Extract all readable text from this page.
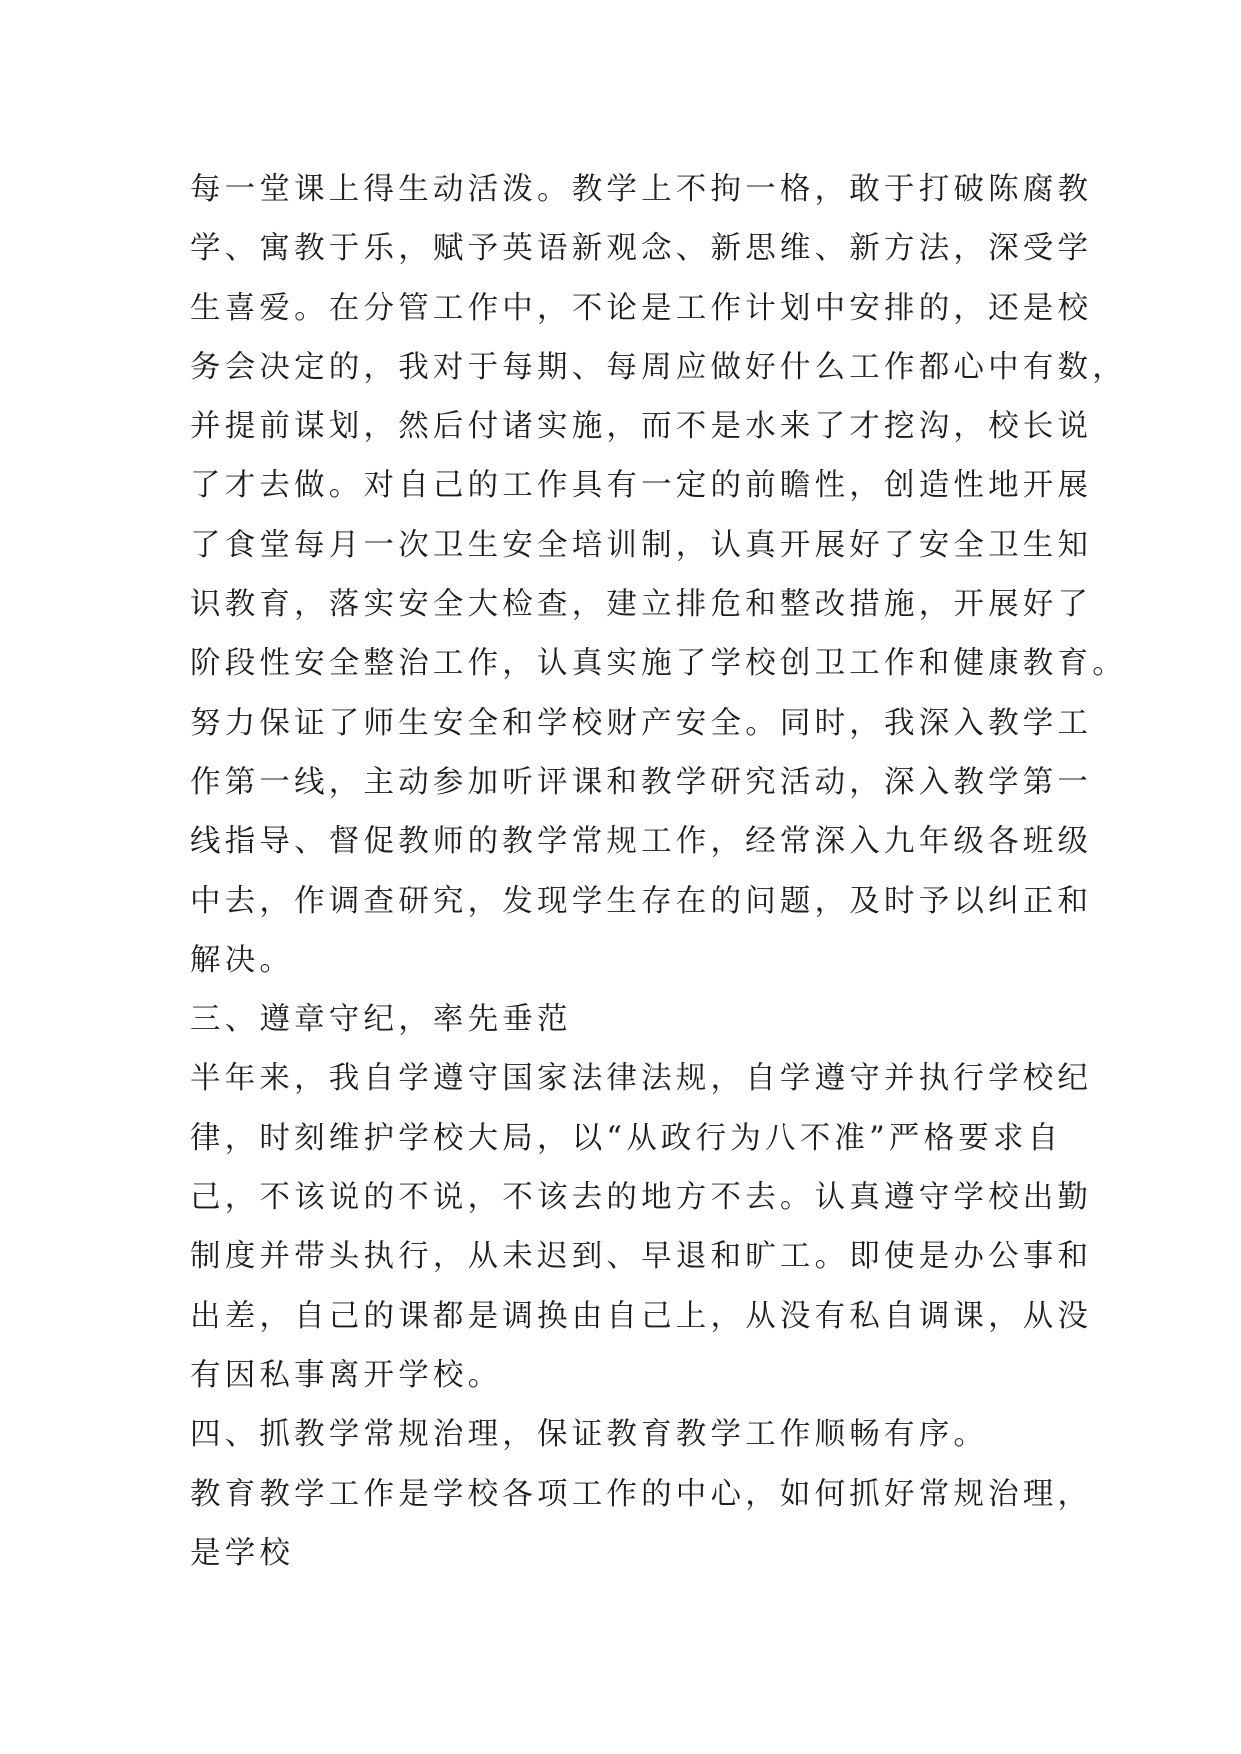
每一堂课上得生动活泼。教学上不拘一格，敢于打破陈腐教
学、寓教于乐，赋予英语新观念、新思维、新方法，深受学
生喜爱。在分管工作中，不论是工作计划中安排的，还是校
务会决定的，我对于每期、每周应做好什么工作都心中有数，
并提前谋划，然后付诸实施，而不是水来了才挖沟，校长说
了才去做。对自己的工作具有一定的前瞻性，创造性地开展
了食堂每月一次卫生安全培训制，认真开展好了安全卫生知
识教育，落实安全大检查，建立排危和整改措施，开展好了
阶段性安全整治工作，认真实施了学校创卫工作和健康教育。
努力保证了师生安全和学校财产安全。同时，我深入教学工
作第一线，主动参加听评课和教学研究活动，深入教学第一
线指导、督促教师的教学常规工作，经常深入九年级各班级
中去，作调查研究，发现学生存在的问题，及时予以纠正和
解决。
三、遵章守纪，率先垂范
半年来，我自学遵守国家法律法规，自学遵守并执行学校纪
律，时刻维护学校大局，以“从政行为八不准”严格要求自
己，不该说的不说，不该去的地方不去。认真遵守学校出勤
制度并带头执行，从未迟到、早退和旷工。即使是办公事和
出差，自己的课都是调换由自己上，从没有私自调课，从没
有因私事离开学校。
四、抓教学常规治理，保证教育教学工作顺畅有序。
教育教学工作是学校各项工作的中心，如何抓好常规治理，
是学校
